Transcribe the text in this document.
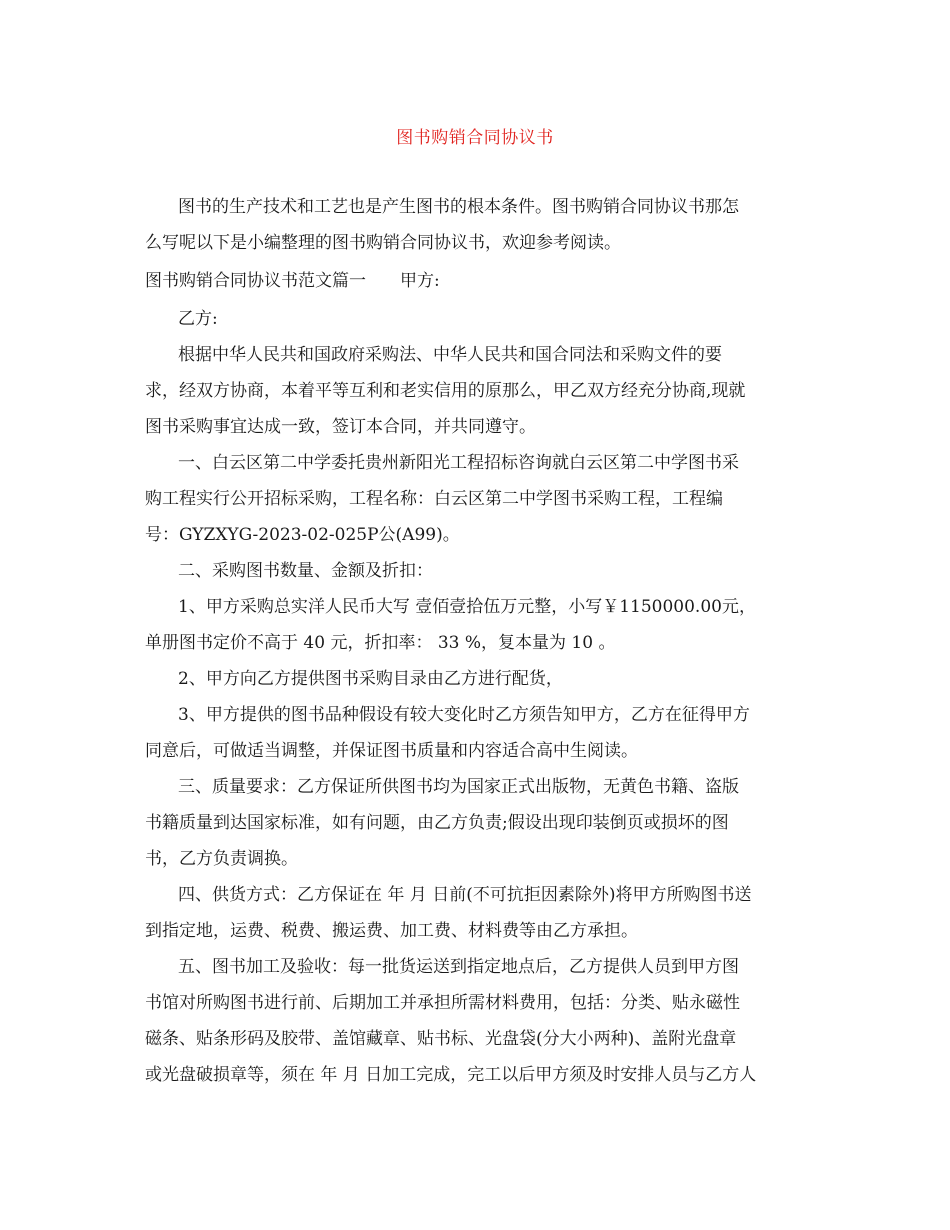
图书购销合同协议书
图书的生产技术和工艺也是产生图书的根本条件。图书购销合同协议书那怎
么写呢以下是小编整理的图书购销合同协议书，欢迎参考阅读。
图书购销合同协议书范文篇一　　甲方:
乙方:
根据中华人民共和国政府采购法、中华人民共和国合同法和采购文件的要
求，经双方协商，本着平等互利和老实信用的原那么，甲乙双方经充分协商,现就
图书采购事宜达成一致，签订本合同，并共同遵守。
一、白云区第二中学委托贵州新阳光工程招标咨询就白云区第二中学图书采
购工程实行公开招标采购，工程名称：白云区第二中学图书采购工程，工程编
号：GYZXYG-2023-02-025P公(A99)。
二、采购图书数量、金额及折扣：
1、甲方采购总实洋人民币大写 壹佰壹拾伍万元整，小写￥1150000.00元，
单册图书定价不高于 40 元，折扣率： 33 %，复本量为 10 。
2、甲方向乙方提供图书采购目录由乙方进行配货，
3、甲方提供的图书品种假设有较大变化时乙方须告知甲方，乙方在征得甲方
同意后，可做适当调整，并保证图书质量和内容适合高中生阅读。
三、质量要求：乙方保证所供图书均为国家正式出版物，无黄色书籍、盗版
书籍质量到达国家标准，如有问题，由乙方负责;假设出现印装倒页或损坏的图
书，乙方负责调换。
四、供货方式：乙方保证在 年 月 日前(不可抗拒因素除外)将甲方所购图书送
到指定地，运费、税费、搬运费、加工费、材料费等由乙方承担。
五、图书加工及验收：每一批货运送到指定地点后，乙方提供人员到甲方图
书馆对所购图书进行前、后期加工并承担所需材料费用，包括：分类、贴永磁性
磁条、贴条形码及胶带、盖馆藏章、贴书标、光盘袋(分大小两种)、盖附光盘章
或光盘破损章等，须在 年 月 日加工完成，完工以后甲方须及时安排人员与乙方人
